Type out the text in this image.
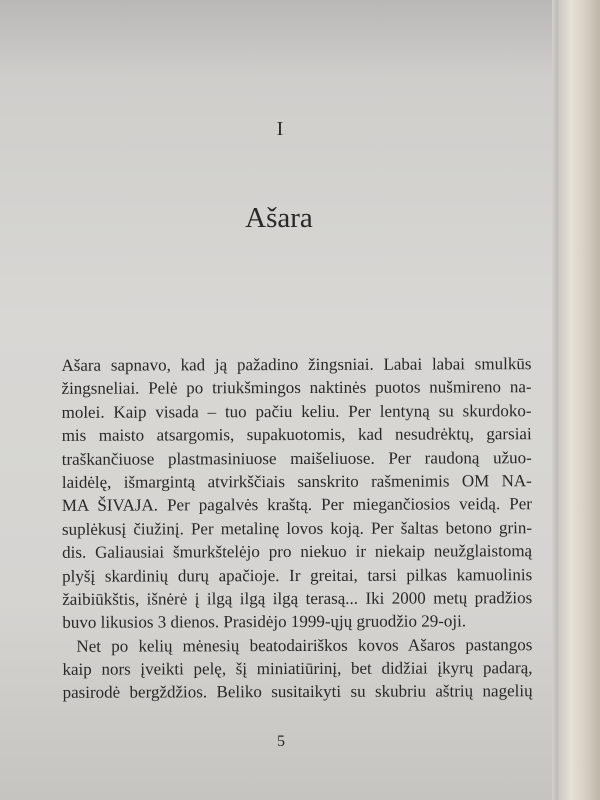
I
Ašara
Ašara sapnavo, kad ją pažadino žingsniai. Labai labai smulkūs
žingsneliai. Pelė po triukšmingos naktinės puotos nušmireno na-
molei. Kaip visada – tuo pačiu keliu. Per lentyną su skurdoko-
mis maisto atsargomis, supakuotomis, kad nesudrėktų, garsiai
traškančiuose plastmasiniuose maišeliuose. Per raudoną užuo-
laidėlę, išmargintą atvirkščiais sanskrito rašmenimis OM NA-
MA ŠIVAJA. Per pagalvės kraštą. Per miegančiosios veidą. Per
suplėkusį čiužinį. Per metalinę lovos koją. Per šaltas betono grin-
dis. Galiausiai šmurkštelėjo pro niekuo ir niekaip neužglaistomą
plyšį skardinių durų apačioje. Ir greitai, tarsi pilkas kamuolinis
žaibiūkštis, išnėrė į ilgą ilgą ilgą terasą... Iki 2000 metų pradžios
buvo likusios 3 dienos. Prasidėjo 1999-ųjų gruodžio 29-oji.
Net po kelių mėnesių beatodairiškos kovos Ašaros pastangos
kaip nors įveikti pelę, šį miniatiūrinį, bet didžiai įkyrų padarą,
pasirodė bergždžios. Beliko susitaikyti su skubriu aštrių nagelių
5
